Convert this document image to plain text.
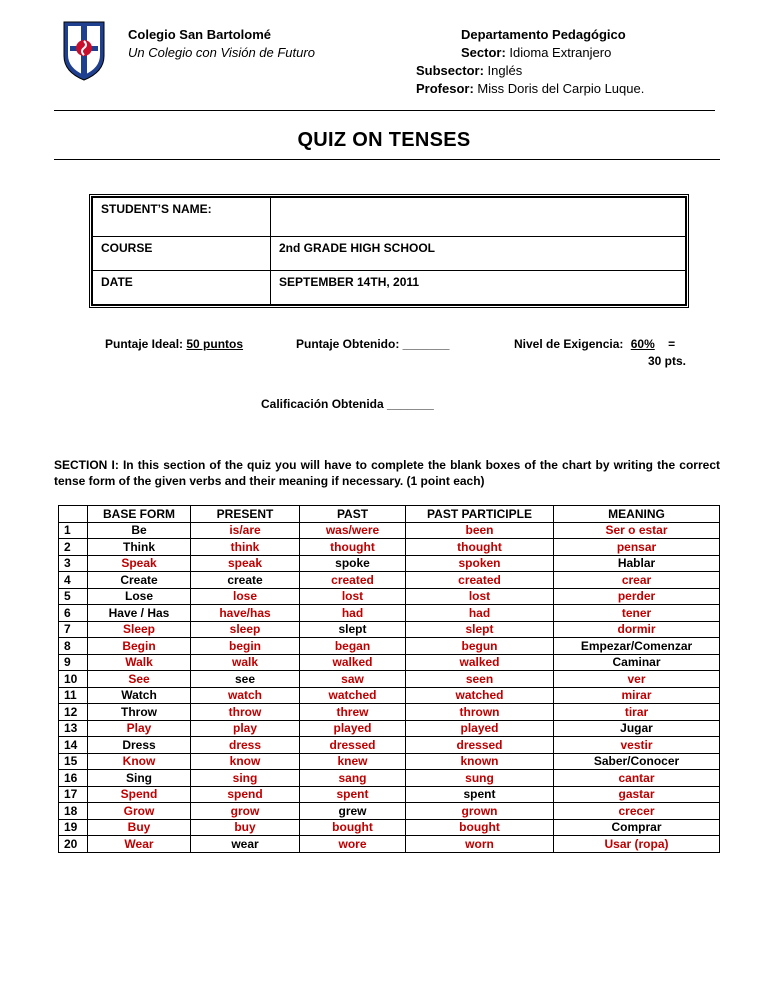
Colegio San Bartolomé
Un Colegio con Visión de Futuro
Departamento Pedagógico
Sector: Idioma Extranjero
Subsector: Inglés
Profesor: Miss Doris del Carpio Luque.
QUIZ ON TENSES
STUDENT’S NAME:	
COURSE	2nd GRADE HIGH SCHOOL
DATE	SEPTEMBER 14TH, 2011
Puntaje Ideal: 50 puntos	Puntaje Obtenido: _______	Nivel de Exigencia: 60% =
30 pts.
Calificación Obtenida _______
SECTION I: In this section of the quiz you will have to complete the blank boxes of the chart by writing the correct tense form of the given verbs and their meaning if necessary. (1 point each)
	BASE FORM	PRESENT	PAST	PAST PARTICIPLE	MEANING
1	Be	is/are	was/were	been	Ser o estar
2	Think	think	thought	thought	pensar
3	Speak	speak	spoke	spoken	Hablar
4	Create	create	created	created	crear
5	Lose	lose	lost	lost	perder
6	Have / Has	have/has	had	had	tener
7	Sleep	sleep	slept	slept	dormir
8	Begin	begin	began	begun	Empezar/Comenzar
9	Walk	walk	walked	walked	Caminar
10	See	see	saw	seen	ver
11	Watch	watch	watched	watched	mirar
12	Throw	throw	threw	thrown	tirar
13	Play	play	played	played	Jugar
14	Dress	dress	dressed	dressed	vestir
15	Know	know	knew	known	Saber/Conocer
16	Sing	sing	sang	sung	cantar
17	Spend	spend	spent	spent	gastar
18	Grow	grow	grew	grown	crecer
19	Buy	buy	bought	bought	Comprar
20	Wear	wear	wore	worn	Usar (ropa)
